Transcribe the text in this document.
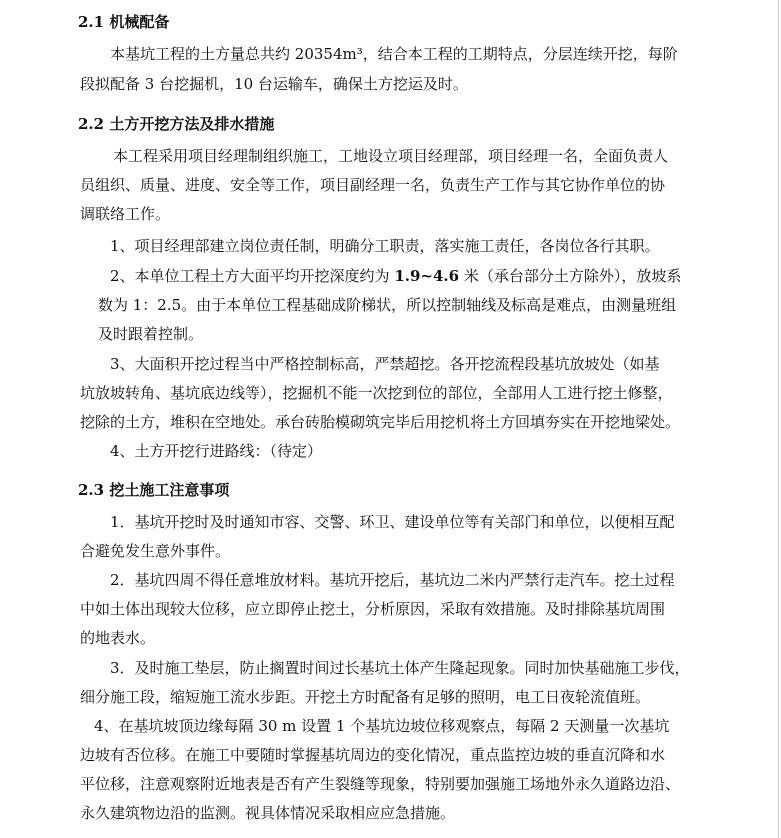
2.1 机械配备
本基坑工程的土方量总共约 20354m³，结合本工程的工期特点，分层连续开挖，每阶
段拟配备 3 台挖掘机，10 台运输车，确保土方挖运及时。
2.2 土方开挖方法及排水措施
本工程采用项目经理制组织施工，工地设立项目经理部，项目经理一名，全面负责人
员组织、质量、进度、安全等工作，项目副经理一名，负责生产工作与其它协作单位的协
调联络工作。
1、项目经理部建立岗位责任制，明确分工职责，落实施工责任，各岗位各行其职。
2、本单位工程土方大面平均开挖深度约为 1.9~4.6 米（承台部分土方除外），放坡系
数为 1：2.5。由于本单位工程基础成阶梯状，所以控制轴线及标高是难点，由测量班组
及时跟着控制。
3、大面积开挖过程当中严格控制标高，严禁超挖。各开挖流程段基坑放坡处（如基
坑放坡转角、基坑底边线等），挖掘机不能一次挖到位的部位，全部用人工进行挖土修整，
挖除的土方，堆积在空地处。承台砖胎模砌筑完毕后用挖机将土方回填夯实在开挖地梁处。
4、土方开挖行进路线：（待定）
2.3 挖土施工注意事项
1．基坑开挖时及时通知市容、交警、环卫、建设单位等有关部门和单位，以便相互配
合避免发生意外事件。
2．基坑四周不得任意堆放材料。基坑开挖后，基坑边二米内严禁行走汽车。挖土过程
中如土体出现较大位移，应立即停止挖土，分析原因，采取有效措施。及时排除基坑周围
的地表水。
3．及时施工垫层，防止搁置时间过长基坑土体产生隆起现象。同时加快基础施工步伐，
细分施工段，缩短施工流水步距。开挖土方时配备有足够的照明，电工日夜轮流值班。
4、在基坑坡顶边缘每隔 30 m 设置 1 个基坑边坡位移观察点，每隔 2 天测量一次基坑
边坡有否位移。在施工中要随时掌握基坑周边的变化情况，重点监控边坡的垂直沉降和水
平位移，注意观察附近地表是否有产生裂缝等现象，特别要加强施工场地外永久道路边沿、
永久建筑物边沿的监测。视具体情况采取相应应急措施。
